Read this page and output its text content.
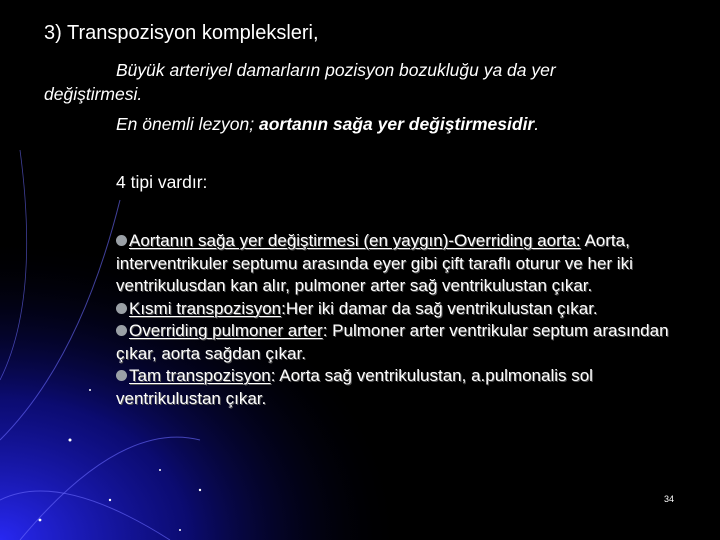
3) Transpozisyon kompleksleri,
Büyük arteriyel damarların pozisyon bozukluğu ya da yer
değiştirmesi.
En önemli lezyon; aortanın sağa yer değiştirmesidir.
4 tipi vardır:

Aortanın sağa yer değiştirmesi (en yaygın)-Overriding aorta: Aorta, interventrikuler septumu arasında eyer gibi çift taraflı oturur ve her iki ventrikulusdan kan alır, pulmoner arter sağ ventrikulustan çıkar.

Kısmi transpozisyon:Her iki damar da sağ ventrikulustan çıkar.

Overriding pulmoner arter: Pulmoner arter ventrikular septum arasından çıkar, aorta sağdan çıkar.

Tam transpozisyon: Aorta sağ ventrikulustan, a.pulmonalis sol ventrikulustan çıkar.

34
